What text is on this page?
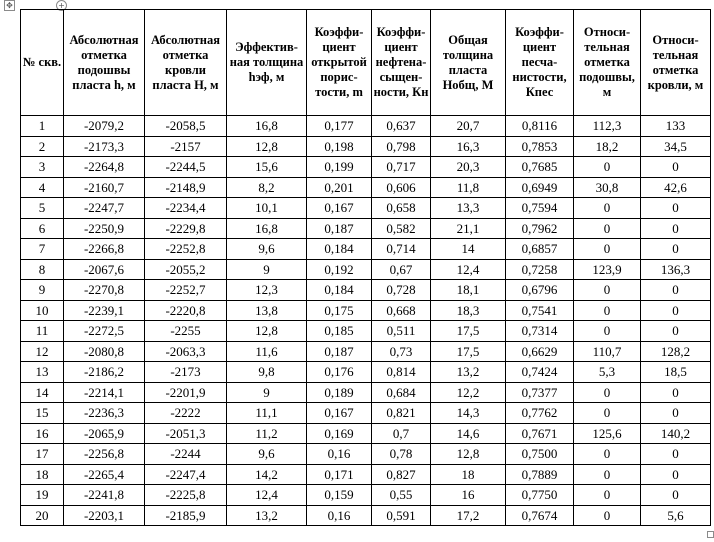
✥	+
№ скв.	Абсолютная отметка подошвы пласта h, м	Абсолютная отметка кровли пласта H, м	Эффектив-ная толщина hэф, м	Коэффи-циент открытой порис-тости, m	Коэффи-циент нефтена-сыщен-ности, Кн	Общая толщина пласта Нобщ, М	Коэффи-циент песча-нистости, Кпес	Относи-тельная отметка подошвы, м	Относи-тельная отметка кровли, м
1	-2079,2	-2058,5	16,8	0,177	0,637	20,7	0,8116	112,3	133
2	-2173,3	-2157	12,8	0,198	0,798	16,3	0,7853	18,2	34,5
3	-2264,8	-2244,5	15,6	0,199	0,717	20,3	0,7685	0	0
4	-2160,7	-2148,9	8,2	0,201	0,606	11,8	0,6949	30,8	42,6
5	-2247,7	-2234,4	10,1	0,167	0,658	13,3	0,7594	0	0
6	-2250,9	-2229,8	16,8	0,187	0,582	21,1	0,7962	0	0
7	-2266,8	-2252,8	9,6	0,184	0,714	14	0,6857	0	0
8	-2067,6	-2055,2	9	0,192	0,67	12,4	0,7258	123,9	136,3
9	-2270,8	-2252,7	12,3	0,184	0,728	18,1	0,6796	0	0
10	-2239,1	-2220,8	13,8	0,175	0,668	18,3	0,7541	0	0
11	-2272,5	-2255	12,8	0,185	0,511	17,5	0,7314	0	0
12	-2080,8	-2063,3	11,6	0,187	0,73	17,5	0,6629	110,7	128,2
13	-2186,2	-2173	9,8	0,176	0,814	13,2	0,7424	5,3	18,5
14	-2214,1	-2201,9	9	0,189	0,684	12,2	0,7377	0	0
15	-2236,3	-2222	11,1	0,167	0,821	14,3	0,7762	0	0
16	-2065,9	-2051,3	11,2	0,169	0,7	14,6	0,7671	125,6	140,2
17	-2256,8	-2244	9,6	0,16	0,78	12,8	0,7500	0	0
18	-2265,4	-2247,4	14,2	0,171	0,827	18	0,7889	0	0
19	-2241,8	-2225,8	12,4	0,159	0,55	16	0,7750	0	0
20	-2203,1	-2185,9	13,2	0,16	0,591	17,2	0,7674	0	5,6
